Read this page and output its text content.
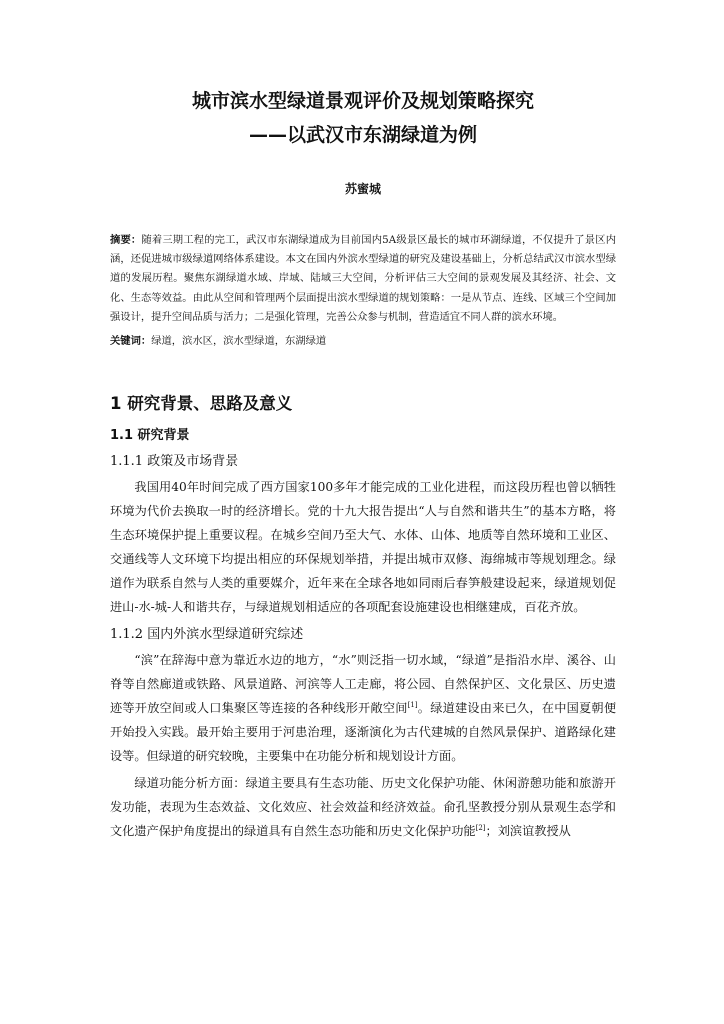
城市滨水型绿道景观评价及规划策略探究
——以武汉市东湖绿道为例
苏蜜城

摘要：随着三期工程的完工，武汉市东湖绿道成为目前国内5A级景区最长的城市环湖绿道，不仅提升了景区内涵，还促进城市级绿道网络体系建设。本文在国内外滨水型绿道的研究及建设基础上，分析总结武汉市滨水型绿道的发展历程。聚焦东湖绿道水域、岸域、陆域三大空间，分析评估三大空间的景观发展及其经济、社会、文化、生态等效益。由此从空间和管理两个层面提出滨水型绿道的规划策略：一是从节点、连线、区域三个空间加强设计，提升空间品质与活力；二是强化管理，完善公众参与机制，营造适宜不同人群的滨水环境。

关键词：绿道，滨水区，滨水型绿道，东湖绿道

1 研究背景、思路及意义
1.1 研究背景
1.1.1 政策及市场背景

我国用40年时间完成了西方国家100多年才能完成的工业化进程，而这段历程也曾以牺牲环境为代价去换取一时的经济增长。党的十九大报告提出“人与自然和谐共生”的基本方略，将生态环境保护提上重要议程。在城乡空间乃至大气、水体、山体、地质等自然环境和工业区、交通线等人文环境下均提出相应的环保规划举措，并提出城市双修、海绵城市等规划理念。绿道作为联系自然与人类的重要媒介，近年来在全球各地如同雨后春笋般建设起来，绿道规划促进山-水-城-人和谐共存，与绿道规划相适应的各项配套设施建设也相继建成，百花齐放。

1.1.2 国内外滨水型绿道研究综述

“滨”在辞海中意为靠近水边的地方，“水”则泛指一切水域，“绿道”是指沿水岸、溪谷、山脊等自然廊道或铁路、风景道路、河滨等人工走廊，将公园、自然保护区、文化景区、历史遗迹等开放空间或人口集聚区等连接的各种线形开敞空间[1]。绿道建设由来已久，在中国夏朝便开始投入实践。最开始主要用于河患治理，逐渐演化为古代建城的自然风景保护、道路绿化建设等。但绿道的研究较晚，主要集中在功能分析和规划设计方面。

绿道功能分析方面：绿道主要具有生态功能、历史文化保护功能、休闲游憩功能和旅游开发功能，表现为生态效益、文化效应、社会效益和经济效益。俞孔坚教授分别从景观生态学和文化遗产保护角度提出的绿道具有自然生态功能和历史文化保护功能[2]；刘滨谊教授从
